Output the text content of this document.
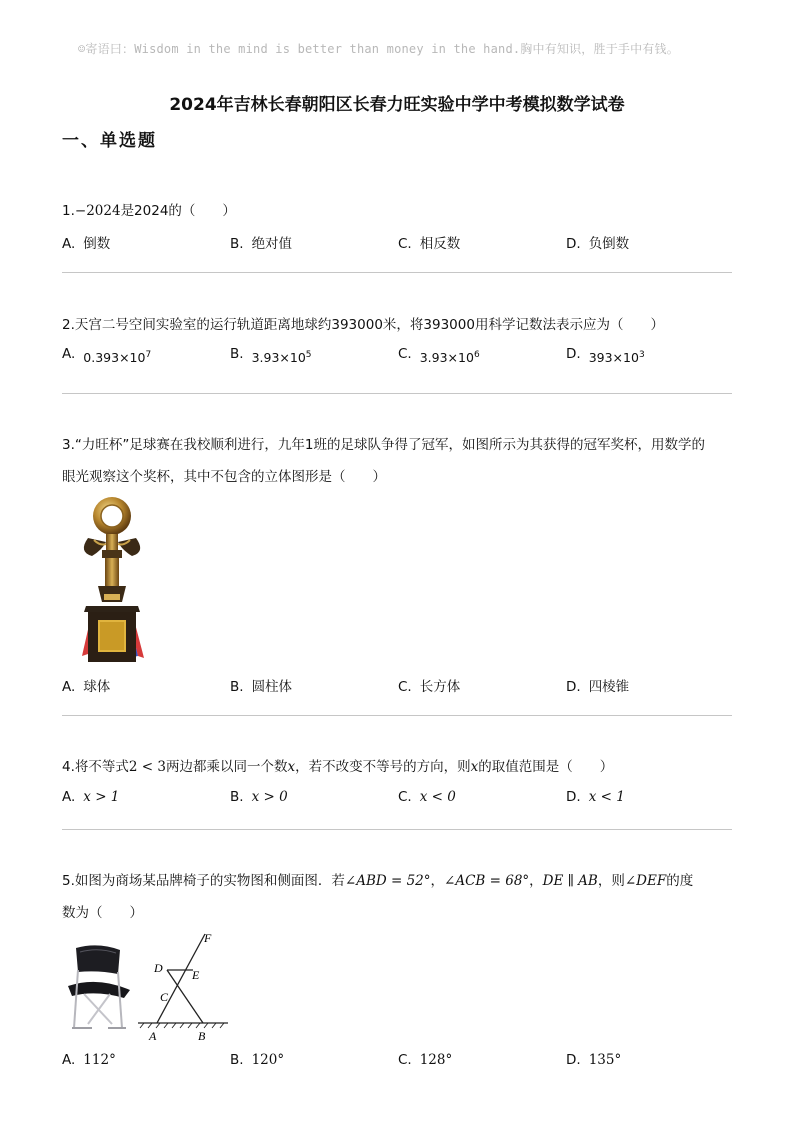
☺寄语曰：Wisdom in the mind is better than money in the hand.胸中有知识，胜于手中有钱。
2024年吉林长春朝阳区长春力旺实验中学中考模拟数学试卷
一、单选题
1.−2024是2024的（　　）
A. 倒数	B. 绝对值	C. 相反数	D. 负倒数
2.天宫二号空间实验室的运行轨道距离地球约393000米，将393000用科学记数法表示应为（　　）
A. $0.393\times 10^7$	B. $3.93\times 10^5$	C. $3.93\times 10^6$	D. $393\times 10^3$
3.“力旺杯”足球赛在我校顺利进行，九年1班的足球队争得了冠军，如图所示为其获得的冠军奖杯，用数学的
眼光观察这个奖杯，其中不包含的立体图形是（　　）
A. 球体	B. 圆柱体	C. 长方体	D. 四棱锥
4.将不等式2 < 3两边都乘以同一个数x，若不改变不等号的方向，则x的取值范围是（　　）
A. x > 1	B. x > 0	C. x < 0	D. x < 1
5.如图为商场某品牌椅子的实物图和侧面图．若∠ABD = 52°，∠ACB = 68°，DE ∥ AB，则∠DEF的度
数为（　　）
F
D E
C
A	B
A. 112°	B. 120°	C. 128°	D. 135°
